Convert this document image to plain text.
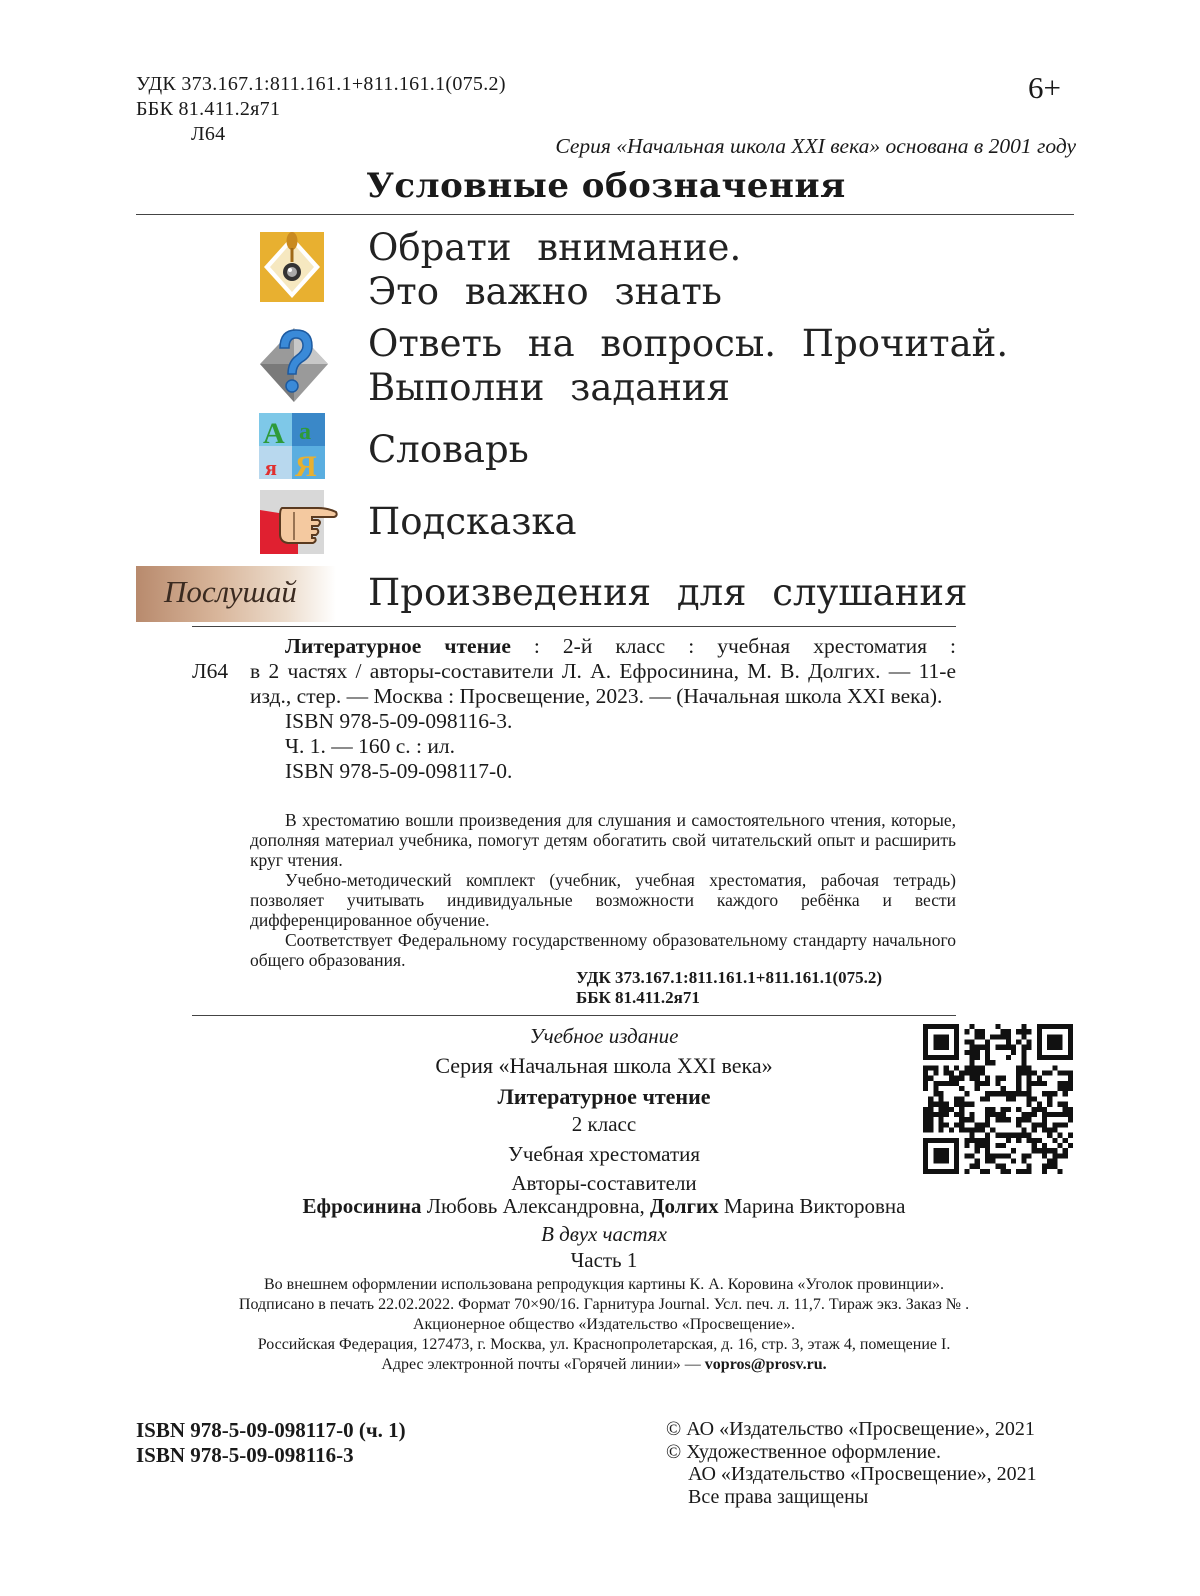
УДК 373.167.1:811.161.1+811.161.1(075.2)
ББК 81.411.2я71

Л64
6+
Серия «Начальная школа XXI века» основана в 2001 году
Условные обозначения
А а
я Я
Послушай
Обрати внимание.
Это важно знать
Ответь на вопросы. Прочитай.
Выполни задания
Словарь
Подсказка
Произведения для слушания
Л64
Литературное чтение : 2-й класс : учебная хрестоматия :
в 2 частях / авторы-составители Л. А. Ефросинина, М. В. Долгих. — 11-е изд., стер. — Москва : Просвещение, 2023. — (Начальная школа XXI века).
ISBN 978-5-09-098116-3.
Ч. 1. — 160 с. : ил.
ISBN 978-5-09-098117-0.

В хрестоматию вошли произведения для слушания и самостоятельного чтения, которые, дополняя материал учебника, помогут детям обогатить свой читательский опыт и расширить круг чтения.

Учебно-методический комплект (учебник, учебная хрестоматия, рабочая тетрадь) позволяет учитывать индивидуальные возможности каждого ребёнка и вести дифференцированное обучение.

Соответствует Федеральному государственному образовательному стандарту начального общего образования.

УДК 373.167.1:811.161.1+811.161.1(075.2)
ББК 81.411.2я71
Учебное издание
Серия «Начальная школа XXI века»
Литературное чтение
2 класс
Учебная хрестоматия
Авторы-составители
Ефросинина Любовь Александровна, Долгих Марина Викторовна
В двух частях
Часть 1
Во внешнем оформлении использована репродукция картины К. А. Коровина «Уголок провинции».
Подписано в печать 22.02.2022. Формат 70×90/16. Гарнитура Journal. Усл. печ. л. 11,7. Тираж экз. Заказ № .
Акционерное общество «Издательство «Просвещение».
Российская Федерация, 127473, г. Москва, ул. Краснопролетарская, д. 16, стр. 3, этаж 4, помещение I.
Адрес электронной почты «Горячей линии» — vopros@prosv.ru.
ISBN 978-5-09-098117-0 (ч. 1)
ISBN 978-5-09-098116-3
© АО «Издательство «Просвещение», 2021
© Художественное оформление.
АО «Издательство «Просвещение», 2021
Все права защищены
